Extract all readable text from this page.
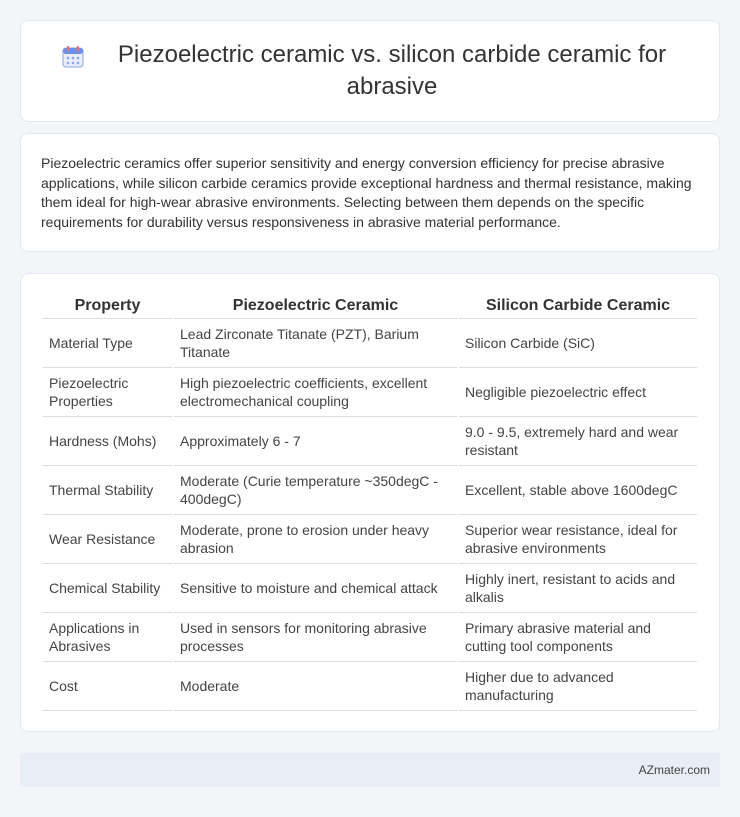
Piezoelectric ceramic vs. silicon carbide ceramic for abrasive

Piezoelectric ceramics offer superior sensitivity and energy conversion efficiency for precise abrasive applications, while silicon carbide ceramics provide exceptional hardness and thermal resistance, making them ideal for high-wear abrasive environments. Selecting between them depends on the specific requirements for durability versus responsiveness in abrasive material performance.

Property	Piezoelectric Ceramic	Silicon Carbide Ceramic
Material Type	Lead Zirconate Titanate (PZT), Barium Titanate	Silicon Carbide (SiC)
Piezoelectric Properties	High piezoelectric coefficients, excellent electromechanical coupling	Negligible piezoelectric effect
Hardness (Mohs)	Approximately 6 - 7	9.0 - 9.5, extremely hard and wear resistant
Thermal Stability	Moderate (Curie temperature ~350degC - 400degC)	Excellent, stable above 1600degC
Wear Resistance	Moderate, prone to erosion under heavy abrasion	Superior wear resistance, ideal for abrasive environments
Chemical Stability	Sensitive to moisture and chemical attack	Highly inert, resistant to acids and alkalis
Applications in Abrasives	Used in sensors for monitoring abrasive processes	Primary abrasive material and cutting tool components
Cost	Moderate	Higher due to advanced manufacturing
AZmater.com
